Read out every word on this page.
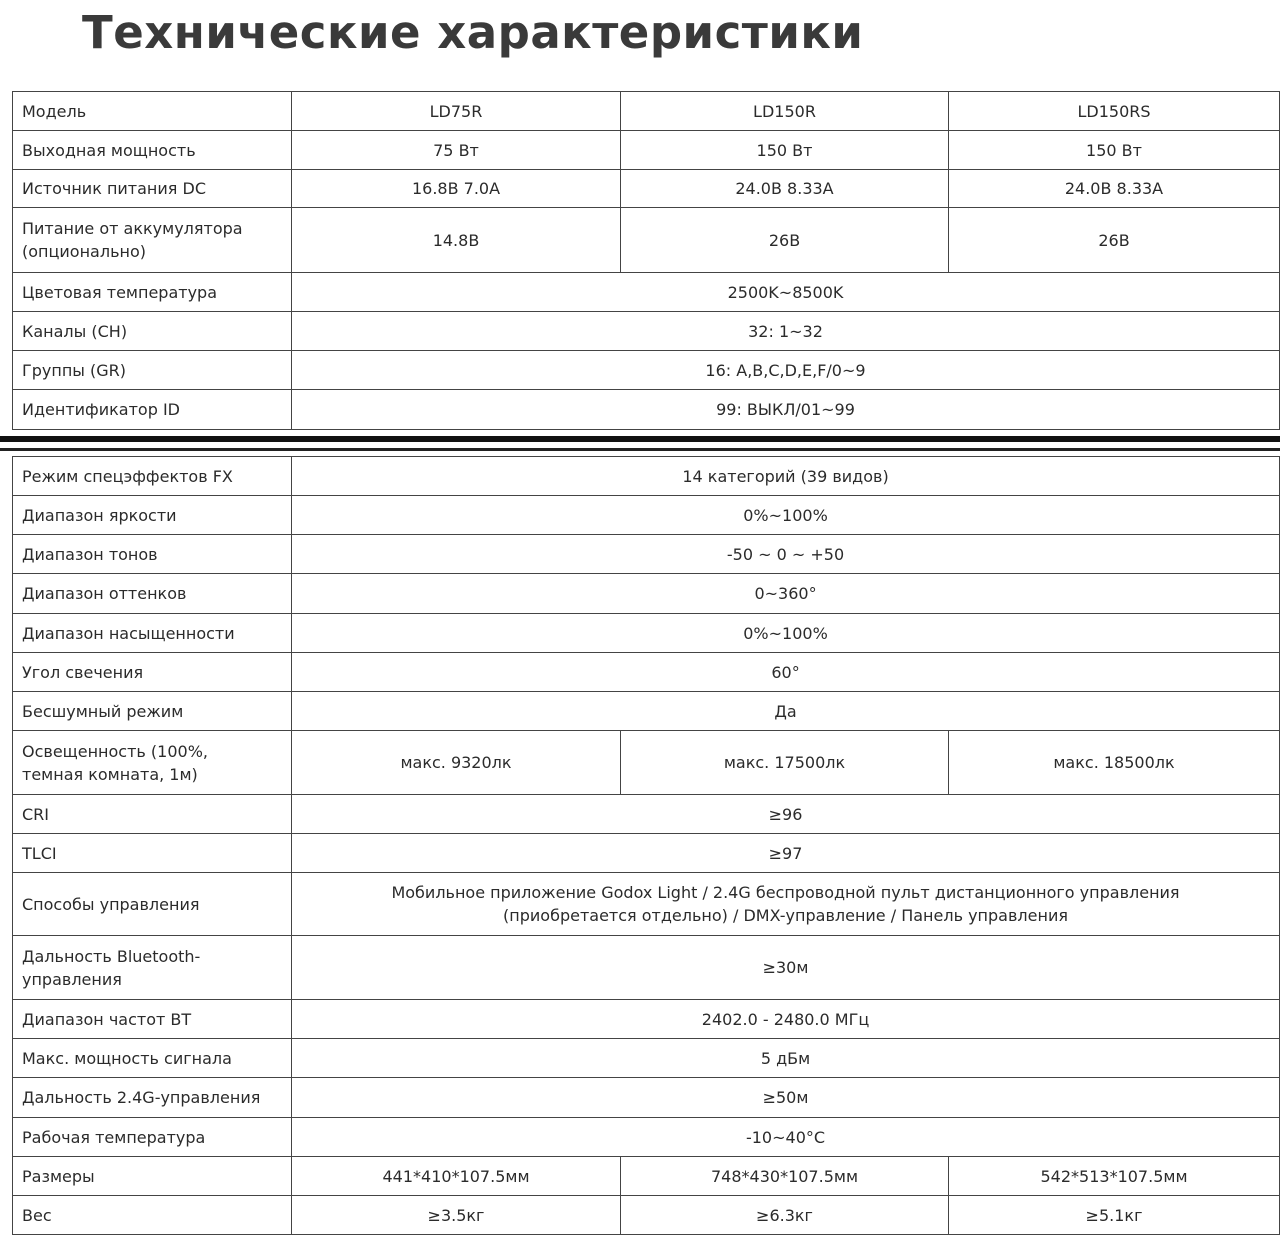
Технические характеристики
Модель	LD75R	LD150R	LD150RS
Выходная мощность	75 Вт	150 Вт	150 Вт
Источник питания DC	16.8В 7.0А	24.0В 8.33А	24.0В 8.33А
Питание от аккумулятора (опционально)	14.8В	26В	26В
Цветовая температура	2500K~8500K		
Каналы (CH)	32: 1~32		
Группы (GR)	16: A,B,C,D,E,F/0~9		
Идентификатор ID	99: ВЫКЛ/01~99		
Режим спецэффектов FX	14 категорий (39 видов)		
Диапазон яркости	0%~100%		
Диапазон тонов	-50 ~ 0 ~ +50		
Диапазон оттенков	0~360°		
Диапазон насыщенности	0%~100%		
Угол свечения	60°		
Бесшумный режим	Да		
Освещенность (100%, темная комната, 1м)	макс. 9320лк	макс. 17500лк	макс. 18500лк
CRI	≥96		
TLCI	≥97		
Способы управления	Мобильное приложение Godox Light / 2.4G беспроводной пульт дистанционного управления (приобретается отдельно) / DMX-управление / Панель управления		
Дальность Bluetooth-управления	≥30м		
Диапазон частот BT	2402.0 - 2480.0 МГц		
Макс. мощность сигнала	5 дБм		
Дальность 2.4G-управления	≥50м		
Рабочая температура	-10~40°C		
Размеры	441*410*107.5мм	748*430*107.5мм	542*513*107.5мм
Вес	≥3.5кг	≥6.3кг	≥5.1кг
